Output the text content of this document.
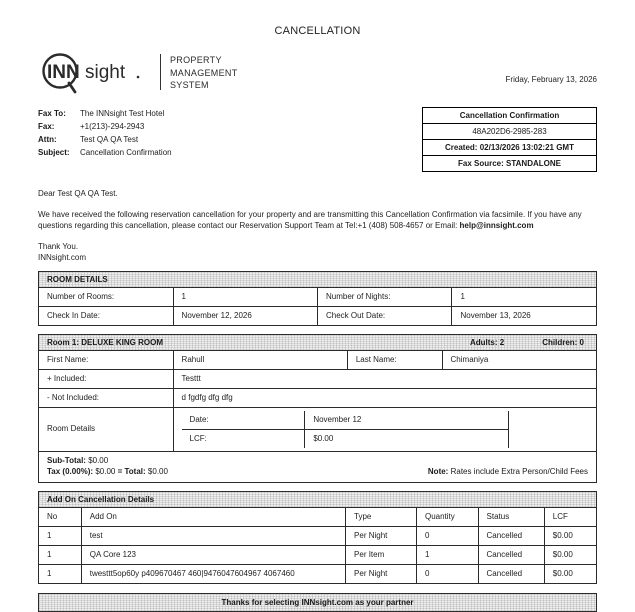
CANCELLATION
INN sight
PROPERTY
MANAGEMENT
SYSTEM
Friday, February 13, 2026
Fax To:	The INNsight Test Hotel
Fax:	+1(213)-294-2943
Attn:	Test QA QA Test
Subject:	Cancellation Confirmation
Cancellation Confirmation
48A202D6-2985-283
Created: 02/13/2026 13:02:21 GMT
Fax Source: STANDALONE

Dear Test QA QA Test.

We have received the following reservation cancellation for your property and are transmitting this Cancellation Confirmation via facsimile. If you have any questions regarding this cancellation, please contact our Reservation Support Team at Tel:+1 (408) 508-4657 or Email: help@innsight.com

Thank You.

INNsight.com

ROOM DETAILS
Number of Rooms:	1	Number of Nights:	1
Check In Date:	November 12, 2026	Check Out Date:	November 13, 2026
Room 1: DELUXE KING ROOM	Adults: 2	Children: 0
First Name:	Rahull	Last Name:	Chimaniya
+ Included:	Testtt
- Not Included:	d fgdfg dfg dfg
Room Details	
Date:	November 12	
LCF:	$0.00
Sub-Total: $0.00
Tax (0.00%): $0.00 = Total: $0.00	Note: Rates include Extra Person/Child Fees
Add On Cancellation Details
No	Add On	Type	Quantity	Status	LCF
1	test	Per Night	0	Cancelled	$0.00
1	QA Core 123	Per Item	1	Cancelled	$0.00
1	twesttt5op60y p409670467 460|9476047604967 4067460	Per Night	0	Cancelled	$0.00
Thanks for selecting INNsight.com as your partner
